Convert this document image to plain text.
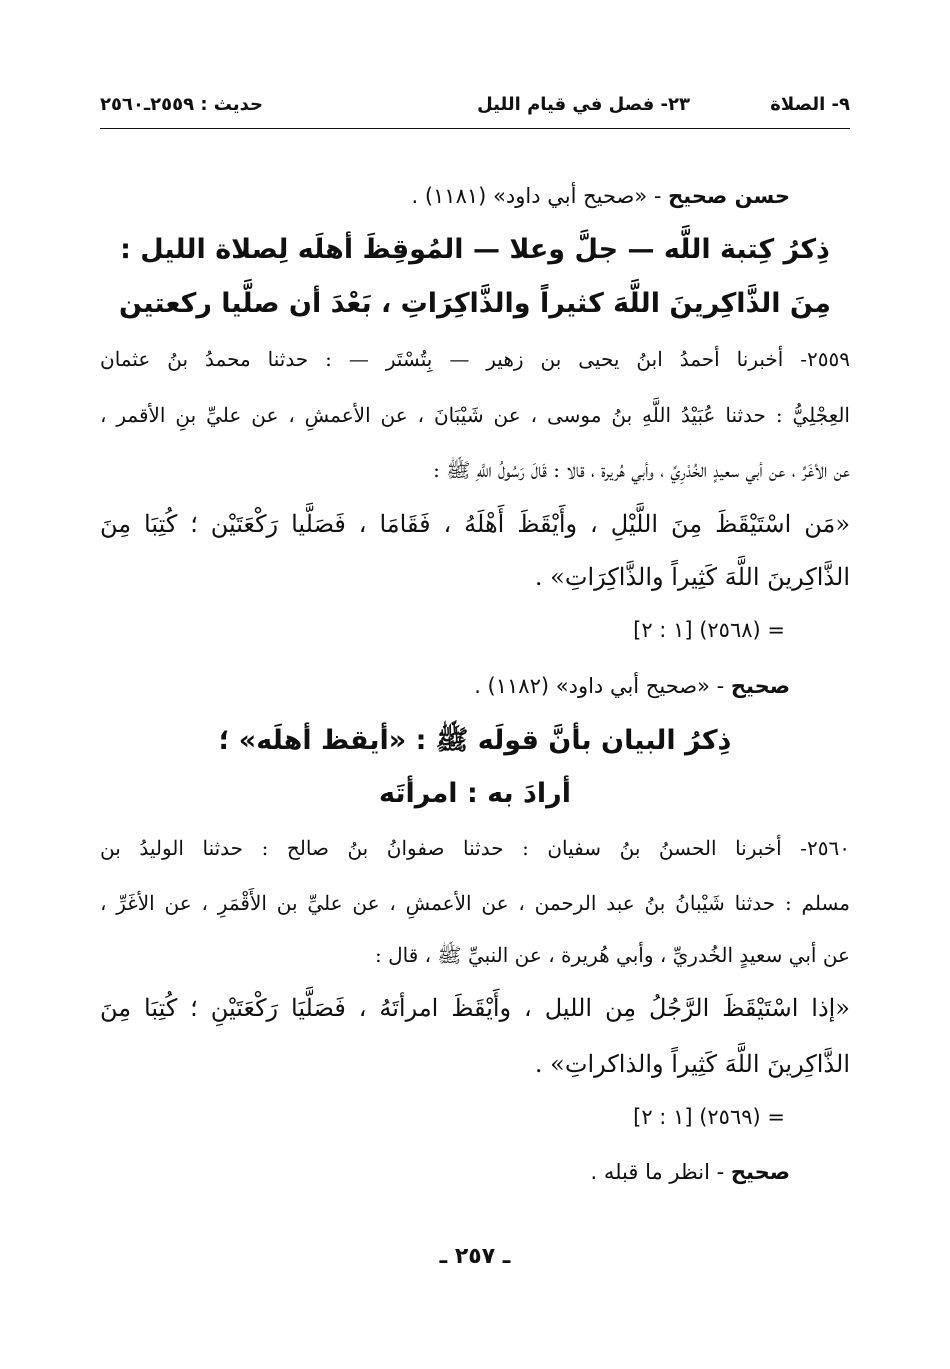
٩- الصلاة
٢٣- فصل في قيام الليل
حديث : ٢٥٥٩ـ٢٥٦٠
حسن صحيح - «صحيح أبي داود» (١١٨١) .
ذِكرُ كِتبة اللَّه — جلَّ وعلا — المُوقِظَ أهلَه لِصلاة الليل :
مِنَ الذَّاكِرينَ اللَّهَ كثيراً والذَّاكِرَاتِ ، بَعْدَ أن صلَّيا ركعتين
٢٥٥٩- أخبرنا أحمدُ ابنُ يحيى بن زهير — بِتُسْتَر — : حدثنا محمدُ بنُ عثمان
العِجْلِيُّ : حدثنا عُبَيْدُ اللَّهِ بنُ موسى ، عن شَيْبَانَ ، عن الأعمشِ ، عن عليِّ بنِ الأقمر ،
عن الأغَرِّ ، عن أبي سعيدٍ الخُدْرِيِّ ، وأبي هُريرة ، قالا : قَالَ رَسُولُ اللَّهِ ﷺ :
«مَن اسْتَيْقَظَ مِنَ اللَّيْلِ ، وأَيْقَظَ أَهْلَهُ ، فَقَامَا ، فَصَلَّيا رَكْعَتَيْن ؛ كُتِبَا مِنَ
الذَّاكِرينَ اللَّهَ كَثِيراً والذَّاكِرَاتِ» .
= (٢٥٦٨) [١ : ٢]
صحيح - «صحيح أبي داود» (١١٨٢) .
ذِكرُ البيان بأنَّ قولَه ﷺ : «أيقظ أهلَه» ؛
أرادَ به : امرأتَه
٢٥٦٠- أخبرنا الحسنُ بنُ سفيان : حدثنا صفوانُ بنُ صالح : حدثنا الوليدُ بن
مسلم : حدثنا شَيْبانُ بنُ عبد الرحمن ، عن الأعمشِ ، عن عليِّ بن الأَقْمَرِ ، عن الأغَرِّ ،
عن أبي سعيدٍ الخُدريِّ ، وأبي هُريرة ، عن النبيِّ ﷺ ، قال :
«إذا اسْتَيْقَظَ الرَّجُلُ مِن الليل ، وأَيْقَظَ امرأتَهُ ، فَصَلَّيَا رَكْعَتَيْنِ ؛ كُتِبَا مِنَ
الذَّاكِرينَ اللَّهَ كَثِيراً والذاكراتِ» .
= (٢٥٦٩) [١ : ٢]
صحيح - انظر ما قبله .
ـ ٢٥٧ ـ
